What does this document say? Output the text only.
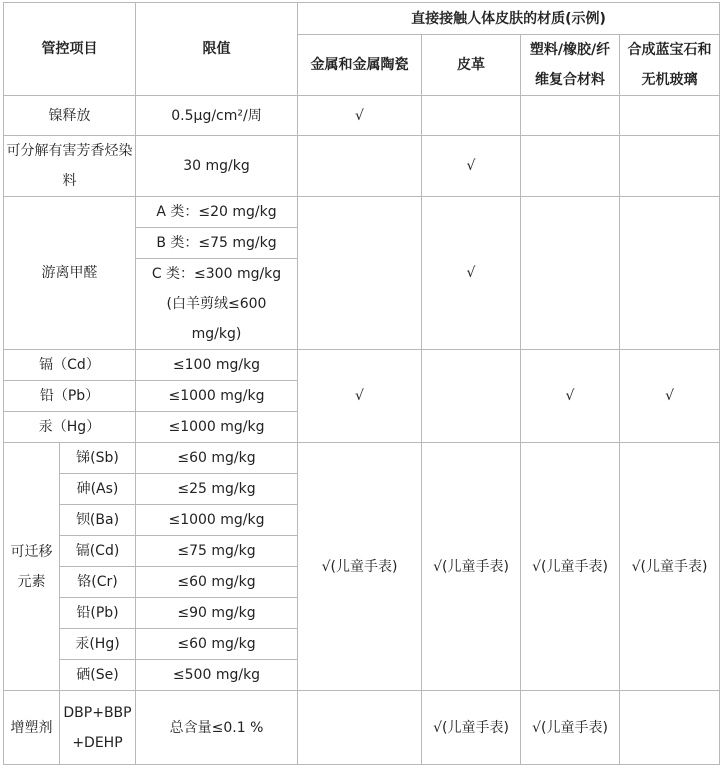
管控项目		限值	直接接触人体皮肤的材质(示例)			
			金属和金属陶瓷	皮革	塑料/橡胶/纤维复合材料	合成蓝宝石和无机玻璃
镍释放		0.5μg/cm²/周	√			
可分解有害芳香烃染料		30 mg/kg		√		
游离甲醛		A 类：≤20 mg/kg		√		
		B 类：≤75 mg/kg				
		C 类：≤300 mg/kg (白羊剪绒≤600 mg/kg)				
镉（Cd）		≤100 mg/kg	√		√	√
铅（Pb）		≤1000 mg/kg				
汞（Hg）		≤1000 mg/kg				
可迁移元素	锑(Sb)	≤60 mg/kg	√(儿童手表)	√(儿童手表)	√(儿童手表)	√(儿童手表)
	砷(As)	≤25 mg/kg				
	钡(Ba)	≤1000 mg/kg				
	镉(Cd)	≤75 mg/kg				
	铬(Cr)	≤60 mg/kg				
	铅(Pb)	≤90 mg/kg				
	汞(Hg)	≤60 mg/kg				
	硒(Se)	≤500 mg/kg				
增塑剂	DBP+BBP +DEHP	总含量≤0.1 %		√(儿童手表)	√(儿童手表)	
